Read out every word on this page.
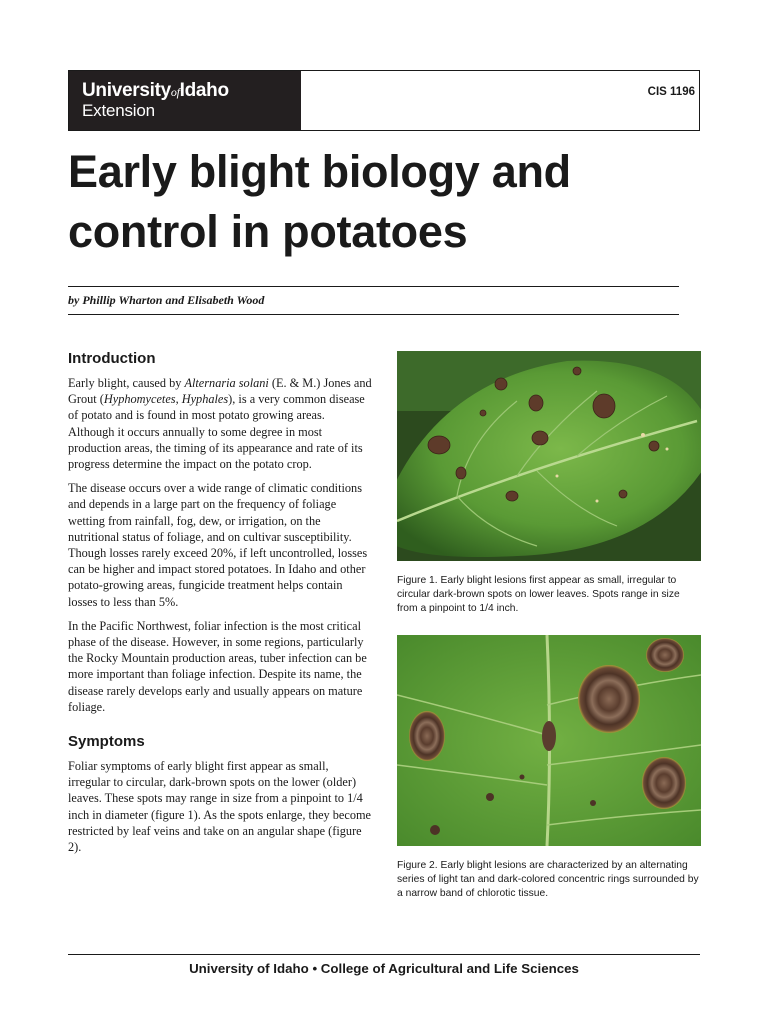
UniversityofIdaho
Extension
CIS 1196
Early blight biology and
control in potatoes
by Phillip Wharton and Elisabeth Wood
Introduction

Early blight, caused by Alternaria solani (E. & M.) Jones and Grout (Hyphomycetes, Hyphales), is a very common disease of potato and is found in most potato growing areas. Although it occurs annually to some degree in most production areas, the timing of its appearance and rate of its progress determine the impact on the potato crop.

The disease occurs over a wide range of climatic conditions and depends in a large part on the frequency of foliage wetting from rainfall, fog, dew, or irrigation, on the nutritional status of foliage, and on cultivar susceptibility. Though losses rarely exceed 20%, if left uncontrolled, losses can be higher and impact stored potatoes. In Idaho and other potato-growing areas, fungicide treatment helps contain losses to less than 5%.

In the Pacific Northwest, foliar infection is the most critical phase of the disease. However, in some regions, particularly the Rocky Mountain production areas, tuber infection can be more important than foliage infection. Despite its name, the disease rarely develops early and usually appears on mature foliage.

Symptoms

Foliar symptoms of early blight first appear as small, irregular to circular, dark-brown spots on the lower (older) leaves. These spots may range in size from a pinpoint to 1/4 inch in diameter (figure 1). As the spots enlarge, they become restricted by leaf veins and take on an angular shape (figure 2).

Figure 1. Early blight lesions first appear as small, irregular to circular dark-brown spots on lower leaves. Spots range in size from a pinpoint to 1/4 inch.

Figure 2. Early blight lesions are characterized by an alternating series of light tan and dark-colored concentric rings surrounded by a narrow band of chlorotic tissue.

University of Idaho • College of Agricultural and Life Sciences
